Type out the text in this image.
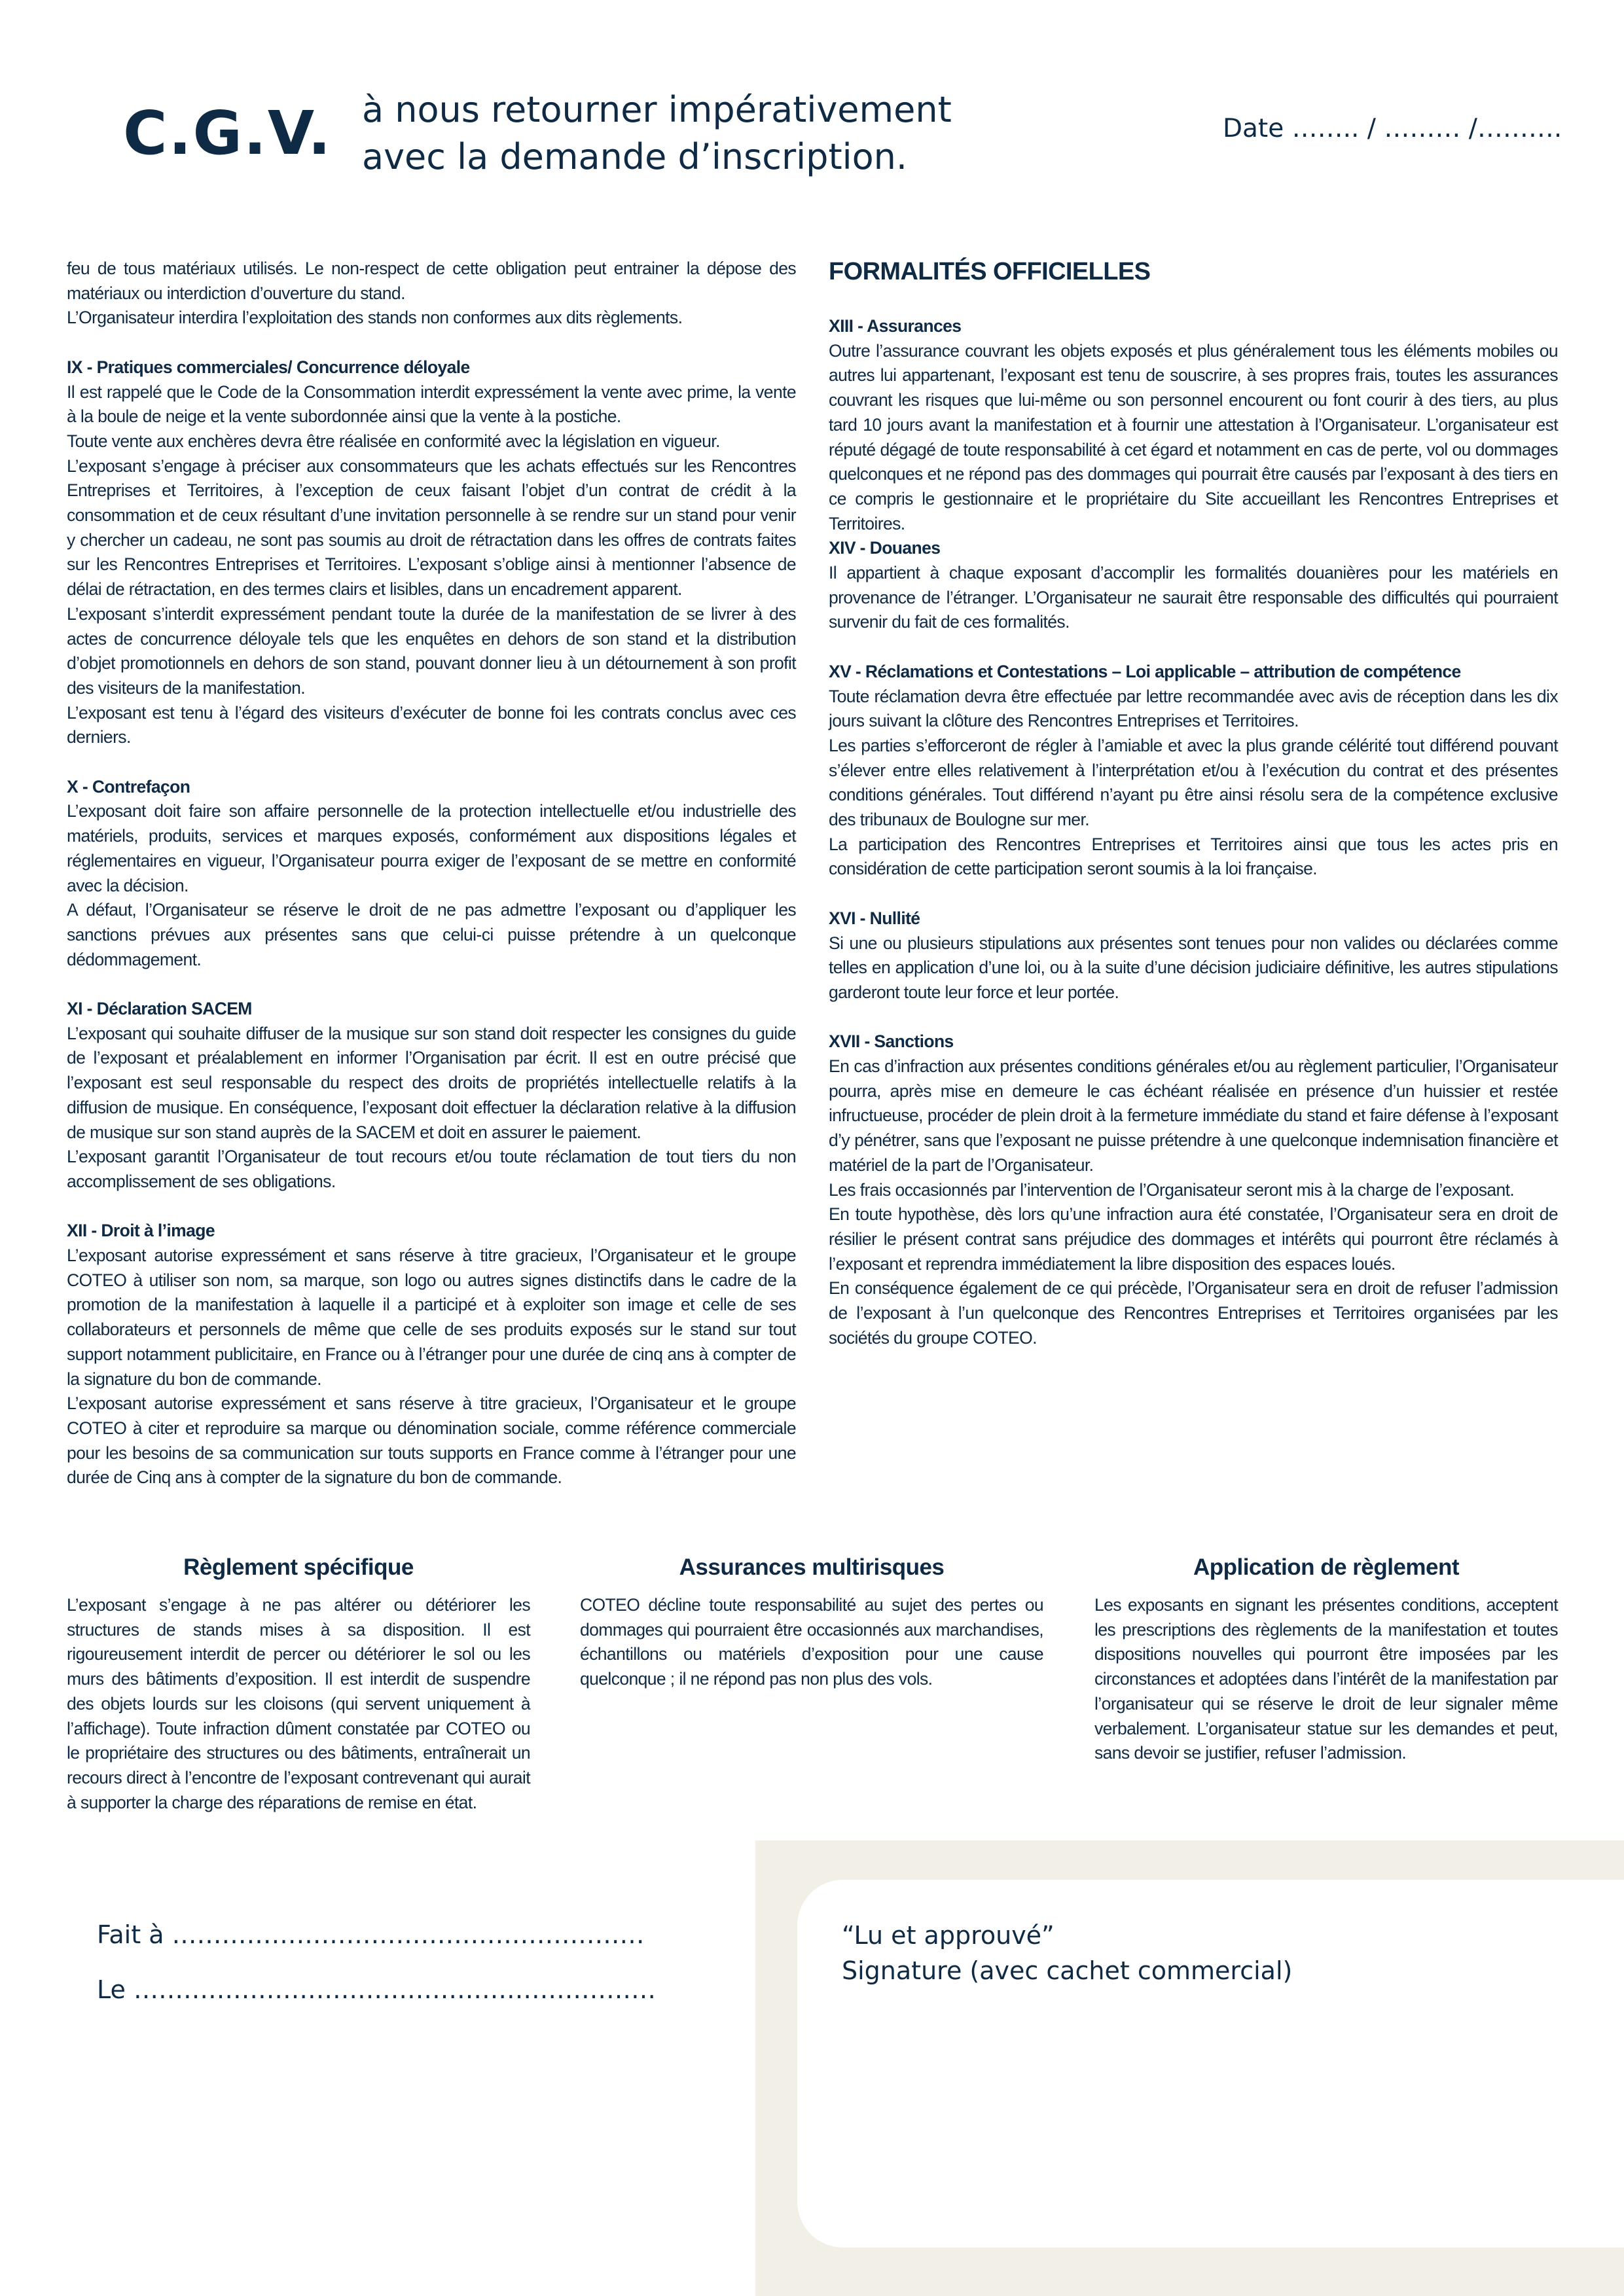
C.G.V. à nous retourner impérativement
avec la demande d’inscription.
Date …….. / ……… /……….

feu de tous matériaux utilisés. Le non-respect de cette obligation peut entrainer la dépose des matériaux ou interdiction d’ouverture du stand.

L’Organisateur interdira l’exploitation des stands non conformes aux dits règlements.

IX - Pratiques commerciales/ Concurrence déloyale

Il est rappelé que le Code de la Consommation interdit expressément la vente avec prime, la vente à la boule de neige et la vente subordonnée ainsi que la vente à la postiche.

Toute vente aux enchères devra être réalisée en conformité avec la législation en vigueur.

L’exposant s’engage à préciser aux consommateurs que les achats effectués sur les Rencontres Entreprises et Territoires, à l’exception de ceux faisant l’objet d’un contrat de crédit à la consommation et de ceux résultant d’une invitation personnelle à se rendre sur un stand pour venir y chercher un cadeau, ne sont pas soumis au droit de rétractation dans les offres de contrats faites sur les Rencontres Entreprises et Territoires. L’exposant s’oblige ainsi à mentionner l’absence de délai de rétractation, en des termes clairs et lisibles, dans un encadrement apparent.

L’exposant s’interdit expressément pendant toute la durée de la manifestation de se livrer à des actes de concurrence déloyale tels que les enquêtes en dehors de son stand et la distribution d’objet promotionnels en dehors de son stand, pouvant donner lieu à un détournement à son profit des visiteurs de la manifestation.

L’exposant est tenu à l’égard des visiteurs d’exécuter de bonne foi les contrats conclus avec ces derniers.

X - Contrefaçon

L’exposant doit faire son affaire personnelle de la protection intellectuelle et/ou industrielle des matériels, produits, services et marques exposés, conformément aux dispositions légales et réglementaires en vigueur, l’Organisateur pourra exiger de l’exposant de se mettre en conformité avec la décision.

A défaut, l’Organisateur se réserve le droit de ne pas admettre l’exposant ou d’appliquer les sanctions prévues aux présentes sans que celui-ci puisse prétendre à un quelconque dédommagement.

XI - Déclaration SACEM

L’exposant qui souhaite diffuser de la musique sur son stand doit respecter les consignes du guide de l’exposant et préalablement en informer l’Organisation par écrit. Il est en outre précisé que l’exposant est seul responsable du respect des droits de propriétés intellectuelle relatifs à la diffusion de musique. En conséquence, l’exposant doit effectuer la déclaration relative à la diffusion de musique sur son stand auprès de la SACEM et doit en assurer le paiement.

L’exposant garantit l’Organisateur de tout recours et/ou toute réclamation de tout tiers du non accomplissement de ses obligations.

XII - Droit à l’image

L’exposant autorise expressément et sans réserve à titre gracieux, l’Organisateur et le groupe COTEO à utiliser son nom, sa marque, son logo ou autres signes distinctifs dans le cadre de la promotion de la manifestation à laquelle il a participé et à exploiter son image et celle de ses collaborateurs et personnels de même que celle de ses produits exposés sur le stand sur tout support notamment publicitaire, en France ou à l’étranger pour une durée de cinq ans à compter de la signature du bon de commande.

L’exposant autorise expressément et sans réserve à titre gracieux, l’Organisateur et le groupe COTEO à citer et reproduire sa marque ou dénomination sociale, comme référence commerciale pour les besoins de sa communication sur touts supports en France comme à l’étranger pour une durée de Cinq ans à compter de la signature du bon de commande.

FORMALITÉS OFFICIELLES

XIII - Assurances

Outre l’assurance couvrant les objets exposés et plus généralement tous les éléments mobiles ou autres lui appartenant, l’exposant est tenu de souscrire, à ses propres frais, toutes les assurances couvrant les risques que lui-même ou son personnel encourent ou font courir à des tiers, au plus tard 10 jours avant la manifestation et à fournir une attestation à l’Organisateur. L’organisateur est réputé dégagé de toute responsabilité à cet égard et notamment en cas de perte, vol ou dommages quelconques et ne répond pas des dommages qui pourrait être causés par l’exposant à des tiers en ce compris le gestionnaire et le propriétaire du Site accueillant les Rencontres Entreprises et Territoires.

XIV - Douanes

Il appartient à chaque exposant d’accomplir les formalités douanières pour les matériels en provenance de l’étranger. L’Organisateur ne saurait être responsable des difficultés qui pourraient survenir du fait de ces formalités.

XV - Réclamations et Contestations – Loi applicable – attribution de compétence

Toute réclamation devra être effectuée par lettre recommandée avec avis de réception dans les dix jours suivant la clôture des Rencontres Entreprises et Territoires.

Les parties s’efforceront de régler à l’amiable et avec la plus grande célérité tout différend pouvant s’élever entre elles relativement à l’interprétation et/ou à l’exécution du contrat et des présentes conditions générales. Tout différend n’ayant pu être ainsi résolu sera de la compétence exclusive des tribunaux de Boulogne sur mer.

La participation des Rencontres Entreprises et Territoires ainsi que tous les actes pris en considération de cette participation seront soumis à la loi française.

XVI - Nullité

Si une ou plusieurs stipulations aux présentes sont tenues pour non valides ou déclarées comme telles en application d’une loi, ou à la suite d’une décision judiciaire définitive, les autres stipulations garderont toute leur force et leur portée.

XVII - Sanctions

En cas d’infraction aux présentes conditions générales et/ou au règlement particulier, l’Organisateur pourra, après mise en demeure le cas échéant réalisée en présence d’un huissier et restée infructueuse, procéder de plein droit à la fermeture immédiate du stand et faire défense à l’exposant d’y pénétrer, sans que l’exposant ne puisse prétendre à une quelconque indemnisation financière et matériel de la part de l’Organisateur.

Les frais occasionnés par l’intervention de l’Organisateur seront mis à la charge de l’exposant.

En toute hypothèse, dès lors qu’une infraction aura été constatée, l’Organisateur sera en droit de résilier le présent contrat sans préjudice des dommages et intérêts qui pourront être réclamés à l’exposant et reprendra immédiatement la libre disposition des espaces loués.

En conséquence également de ce qui précède, l’Organisateur sera en droit de refuser l’admission de l’exposant à l’un quelconque des Rencontres Entreprises et Territoires organisées par les sociétés du groupe COTEO.

Règlement spécifique

L’exposant s’engage à ne pas altérer ou détériorer les structures de stands mises à sa disposition. Il est rigoureusement interdit de percer ou détériorer le sol ou les murs des bâtiments d’exposition. Il est interdit de suspendre des objets lourds sur les cloisons (qui servent uniquement à l’affichage). Toute infraction dûment constatée par COTEO ou le propriétaire des structures ou des bâtiments, entraînerait un recours direct à l’encontre de l’exposant contrevenant qui aurait à supporter la charge des réparations de remise en état.

Assurances multirisques

COTEO décline toute responsabilité au sujet des pertes ou dommages qui pourraient être occasionnés aux marchandises, échantillons ou matériels d’exposition pour une cause quelconque ; il ne répond pas non plus des vols.

Application de règlement

Les exposants en signant les présentes conditions, acceptent les prescriptions des règlements de la manifestation et toutes dispositions nouvelles qui pourront être imposées par les circonstances et adoptées dans l’intérêt de la manifestation par l’organisateur qui se réserve le droit de leur signaler même verbalement. L’organisateur statue sur les demandes et peut, sans devoir se justifier, refuser l’admission.

Fait à …………………………………………………
Le ………………………………………………………
“Lu et approuvé”
Signature (avec cachet commercial)
